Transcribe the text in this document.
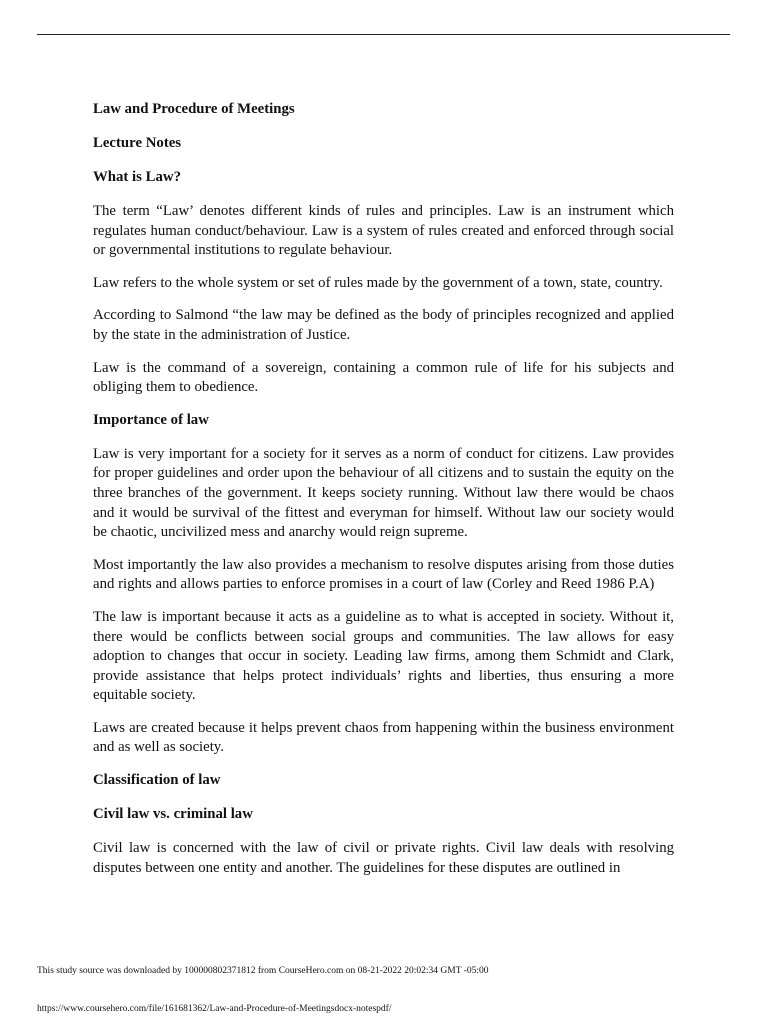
Law and Procedure of Meetings
Lecture Notes
What is Law?

The term “Law’ denotes different kinds of rules and principles. Law is an instrument which regulates human conduct/behaviour. Law is a system of rules created and enforced through social or governmental institutions to regulate behaviour.

Law refers to the whole system or set of rules made by the government of a town, state, country.

According to Salmond “the law may be defined as the body of principles recognized and applied by the state in the administration of Justice.

Law is the command of a sovereign, containing a common rule of life for his subjects and obliging them to obedience.

Importance of law

Law is very important for a society for it serves as a norm of conduct for citizens. Law provides for proper guidelines and order upon the behaviour of all citizens and to sustain the equity on the three branches of the government. It keeps society running. Without law there would be chaos and it would be survival of the fittest and everyman for himself. Without law our society would be chaotic, uncivilized mess and anarchy would reign supreme.

Most importantly the law also provides a mechanism to resolve disputes arising from those duties and rights and allows parties to enforce promises in a court of law (Corley and Reed 1986 P.A)

The law is important because it acts as a guideline as to what is accepted in society. Without it, there would be conflicts between social groups and communities. The law allows for easy adoption to changes that occur in society. Leading law firms, among them Schmidt and Clark, provide assistance that helps protect individuals’ rights and liberties, thus ensuring a more equitable society.

Laws are created because it helps prevent chaos from happening within the business environment and as well as society.

Classification of law
Civil law vs. criminal law

Civil law is concerned with the law of civil or private rights. Civil law deals with resolving disputes between one entity and another. The guidelines for these disputes are outlined in

This study source was downloaded by 100000802371812 from CourseHero.com on 08-21-2022 20:02:34 GMT -05:00
https://www.coursehero.com/file/161681362/Law-and-Procedure-of-Meetingsdocx-notespdf/
